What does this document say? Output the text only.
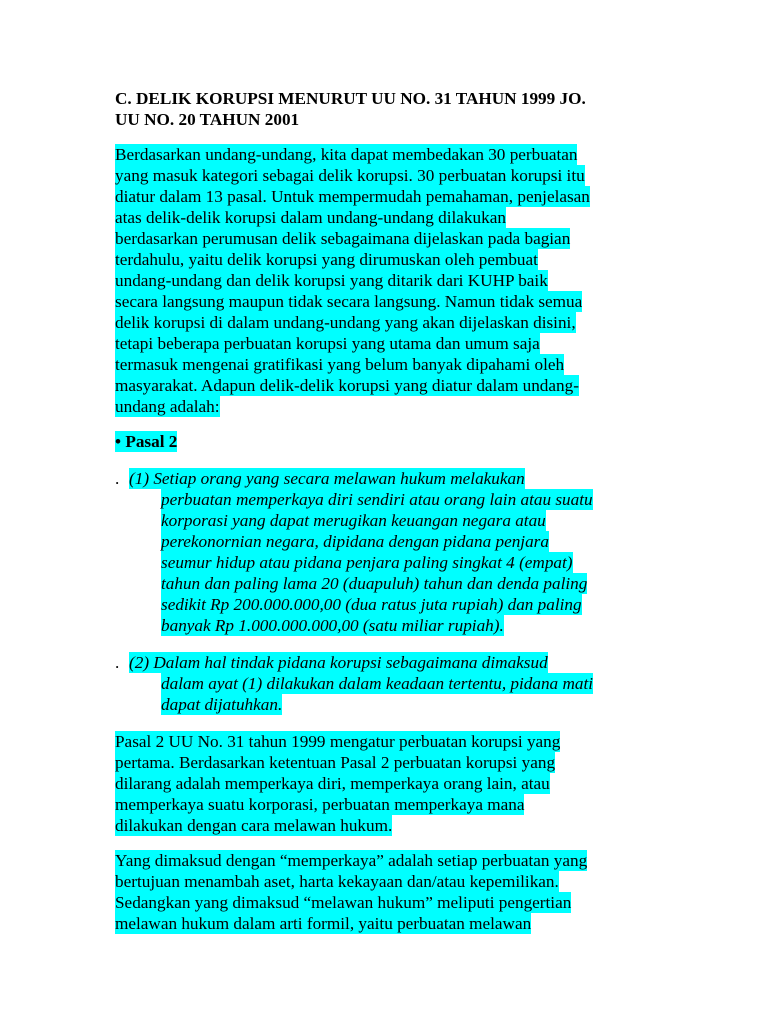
C. DELIK KORUPSI MENURUT UU NO. 31 TAHUN 1999 JO.
UU NO. 20 TAHUN 2001
Berdasarkan undang-undang, kita dapat membedakan 30 perbuatan
yang masuk kategori sebagai delik korupsi. 30 perbuatan korupsi itu
diatur dalam 13 pasal. Untuk mempermudah pemahaman, penjelasan
atas delik-delik korupsi dalam undang-undang dilakukan
berdasarkan perumusan delik sebagaimana dijelaskan pada bagian
terdahulu, yaitu delik korupsi yang dirumuskan oleh pembuat
undang-undang dan delik korupsi yang ditarik dari KUHP baik
secara langsung maupun tidak secara langsung. Namun tidak semua
delik korupsi di dalam undang-undang yang akan dijelaskan disini,
tetapi beberapa perbuatan korupsi yang utama dan umum saja
termasuk mengenai gratifikasi yang belum banyak dipahami oleh
masyarakat. Adapun delik-delik korupsi yang diatur dalam undang-
undang adalah:
• Pasal 2
. (1) Setiap orang yang secara melawan hukum melakukan
perbuatan memperkaya diri sendiri atau orang lain atau suatu
korporasi yang dapat merugikan keuangan negara atau
perekonornian negara, dipidana dengan pidana penjara
seumur hidup atau pidana penjara paling singkat 4 (empat)
tahun dan paling lama 20 (duapuluh) tahun dan denda paling
sedikit Rp 200.000.000,00 (dua ratus juta rupiah) dan paling
banyak Rp 1.000.000.000,00 (satu miliar rupiah).
. (2) Dalam hal tindak pidana korupsi sebagaimana dimaksud
dalam ayat (1) dilakukan dalam keadaan tertentu, pidana mati
dapat dijatuhkan.
Pasal 2 UU No. 31 tahun 1999 mengatur perbuatan korupsi yang
pertama. Berdasarkan ketentuan Pasal 2 perbuatan korupsi yang
dilarang adalah memperkaya diri, memperkaya orang lain, atau
memperkaya suatu korporasi, perbuatan memperkaya mana
dilakukan dengan cara melawan hukum.
Yang dimaksud dengan “memperkaya” adalah setiap perbuatan yang
bertujuan menambah aset, harta kekayaan dan/atau kepemilikan.
Sedangkan yang dimaksud “melawan hukum” meliputi pengertian
melawan hukum dalam arti formil, yaitu perbuatan melawan
